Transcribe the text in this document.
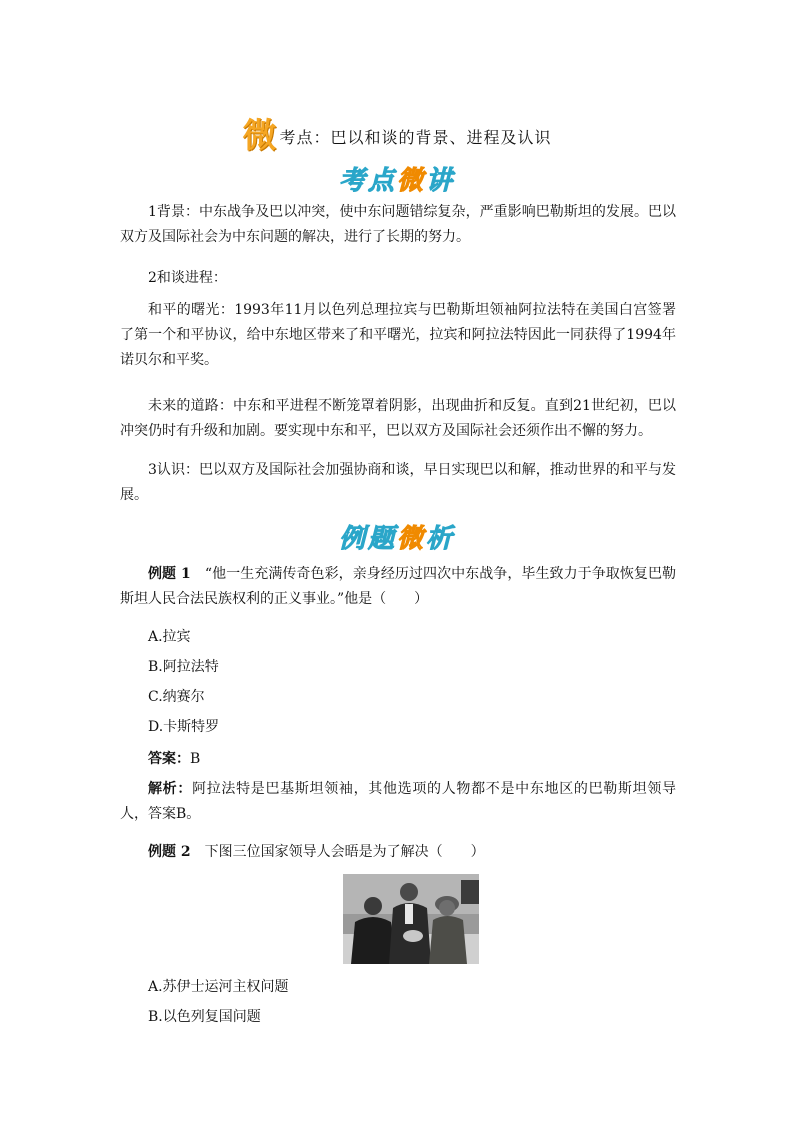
微考点：巴以和谈的背景、进程及认识
考点微讲

1背景：中东战争及巴以冲突，使中东问题错综复杂，严重影响巴勒斯坦的发展。巴以双方及国际社会为中东问题的解决，进行了长期的努力。

2和谈进程：

和平的曙光：1993年11月以色列总理拉宾与巴勒斯坦领袖阿拉法特在美国白宫签署了第一个和平协议，给中东地区带来了和平曙光，拉宾和阿拉法特因此一同获得了1994年诺贝尔和平奖。

未来的道路：中东和平进程不断笼罩着阴影，出现曲折和反复。直到21世纪初，巴以冲突仍时有升级和加剧。要实现中东和平，巴以双方及国际社会还须作出不懈的努力。

3认识：巴以双方及国际社会加强协商和谈，早日实现巴以和解，推动世界的和平与发展。

例题微析

例题 1　 “他一生充满传奇色彩，亲身经历过四次中东战争，毕生致力于争取恢复巴勒斯坦人民合法民族权利的正义事业。”他是（　　）

A.拉宾
B.阿拉法特
C.纳赛尔
D.卡斯特罗
答案：B

解析：阿拉法特是巴基斯坦领袖，其他选项的人物都不是中东地区的巴勒斯坦领导人，答案B。

例题 2　 下图三位国家领导人会晤是为了解决（　　）

A.苏伊士运河主权问题
B.以色列复国问题
